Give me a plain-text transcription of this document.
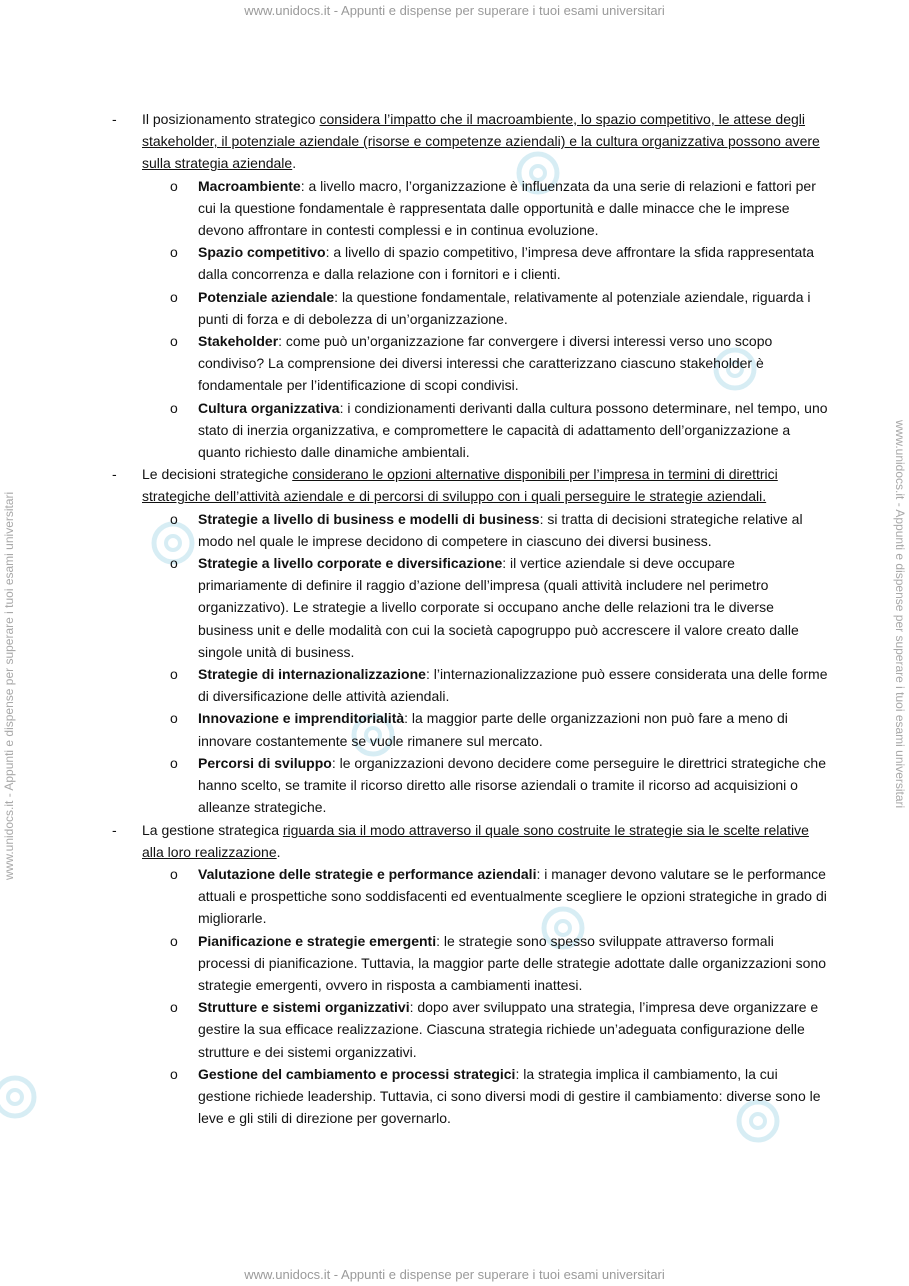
www.unidocs.it - Appunti e dispense per superare i tuoi esami universitari
www.unidocs.it - Appunti e dispense per superare i tuoi esami universitari
www.unidocs.it - Appunti e dispense per superare i tuoi esami universitari	www.unidocs.it - Appunti e dispense per superare i tuoi esami universitari
- Il posizionamento strategico considera l’impatto che il macroambiente, lo spazio competitivo, le attese degli stakeholder, il potenziale aziendale (risorse e competenze aziendali) e la cultura organizzativa possono avere sulla strategia aziendale.
o Macroambiente: a livello macro, l’organizzazione è influenzata da una serie di relazioni e fattori per cui la questione fondamentale è rappresentata dalle opportunità e dalle minacce che le imprese devono affrontare in contesti complessi e in continua evoluzione.
o Spazio competitivo: a livello di spazio competitivo, l’impresa deve affrontare la sfida rappresentata dalla concorrenza e dalla relazione con i fornitori e i clienti.
o Potenziale aziendale: la questione fondamentale, relativamente al potenziale aziendale, riguarda i punti di forza e di debolezza di un’organizzazione.
o Stakeholder: come può un’organizzazione far convergere i diversi interessi verso uno scopo condiviso? La comprensione dei diversi interessi che caratterizzano ciascuno stakeholder è fondamentale per l’identificazione di scopi condivisi.
o Cultura organizzativa: i condizionamenti derivanti dalla cultura possono determinare, nel tempo, uno stato di inerzia organizzativa, e compromettere le capacità di adattamento dell’organizzazione a quanto richiesto dalle dinamiche ambientali.
- Le decisioni strategiche considerano le opzioni alternative disponibili per l’impresa in termini di direttrici strategiche dell’attività aziendale e di percorsi di sviluppo con i quali perseguire le strategie aziendali.
o Strategie a livello di business e modelli di business: si tratta di decisioni strategiche relative al modo nel quale le imprese decidono di competere in ciascuno dei diversi business.
o Strategie a livello corporate e diversificazione: il vertice aziendale si deve occupare primariamente di definire il raggio d’azione dell’impresa (quali attività includere nel perimetro organizzativo). Le strategie a livello corporate si occupano anche delle relazioni tra le diverse business unit e delle modalità con cui la società capogruppo può accrescere il valore creato dalle singole unità di business.
o Strategie di internazionalizzazione: l’internazionalizzazione può essere considerata una delle forme di diversificazione delle attività aziendali.
o Innovazione e imprenditorialità: la maggior parte delle organizzazioni non può fare a meno di innovare costantemente se vuole rimanere sul mercato.
o Percorsi di sviluppo: le organizzazioni devono decidere come perseguire le direttrici strategiche che hanno scelto, se tramite il ricorso diretto alle risorse aziendali o tramite il ricorso ad acquisizioni o alleanze strategiche.
- La gestione strategica riguarda sia il modo attraverso il quale sono costruite le strategie sia le scelte relative alla loro realizzazione.
o Valutazione delle strategie e performance aziendali: i manager devono valutare se le performance attuali e prospettiche sono soddisfacenti ed eventualmente scegliere le opzioni strategiche in grado di migliorarle.
o Pianificazione e strategie emergenti: le strategie sono spesso sviluppate attraverso formali processi di pianificazione. Tuttavia, la maggior parte delle strategie adottate dalle organizzazioni sono strategie emergenti, ovvero in risposta a cambiamenti inattesi.
o Strutture e sistemi organizzativi: dopo aver sviluppato una strategia, l’impresa deve organizzare e gestire la sua efficace realizzazione. Ciascuna strategia richiede un’adeguata configurazione delle strutture e dei sistemi organizzativi.
o Gestione del cambiamento e processi strategici: la strategia implica il cambiamento, la cui gestione richiede leadership. Tuttavia, ci sono diversi modi di gestire il cambiamento: diverse sono le leve e gli stili di direzione per governarlo.
